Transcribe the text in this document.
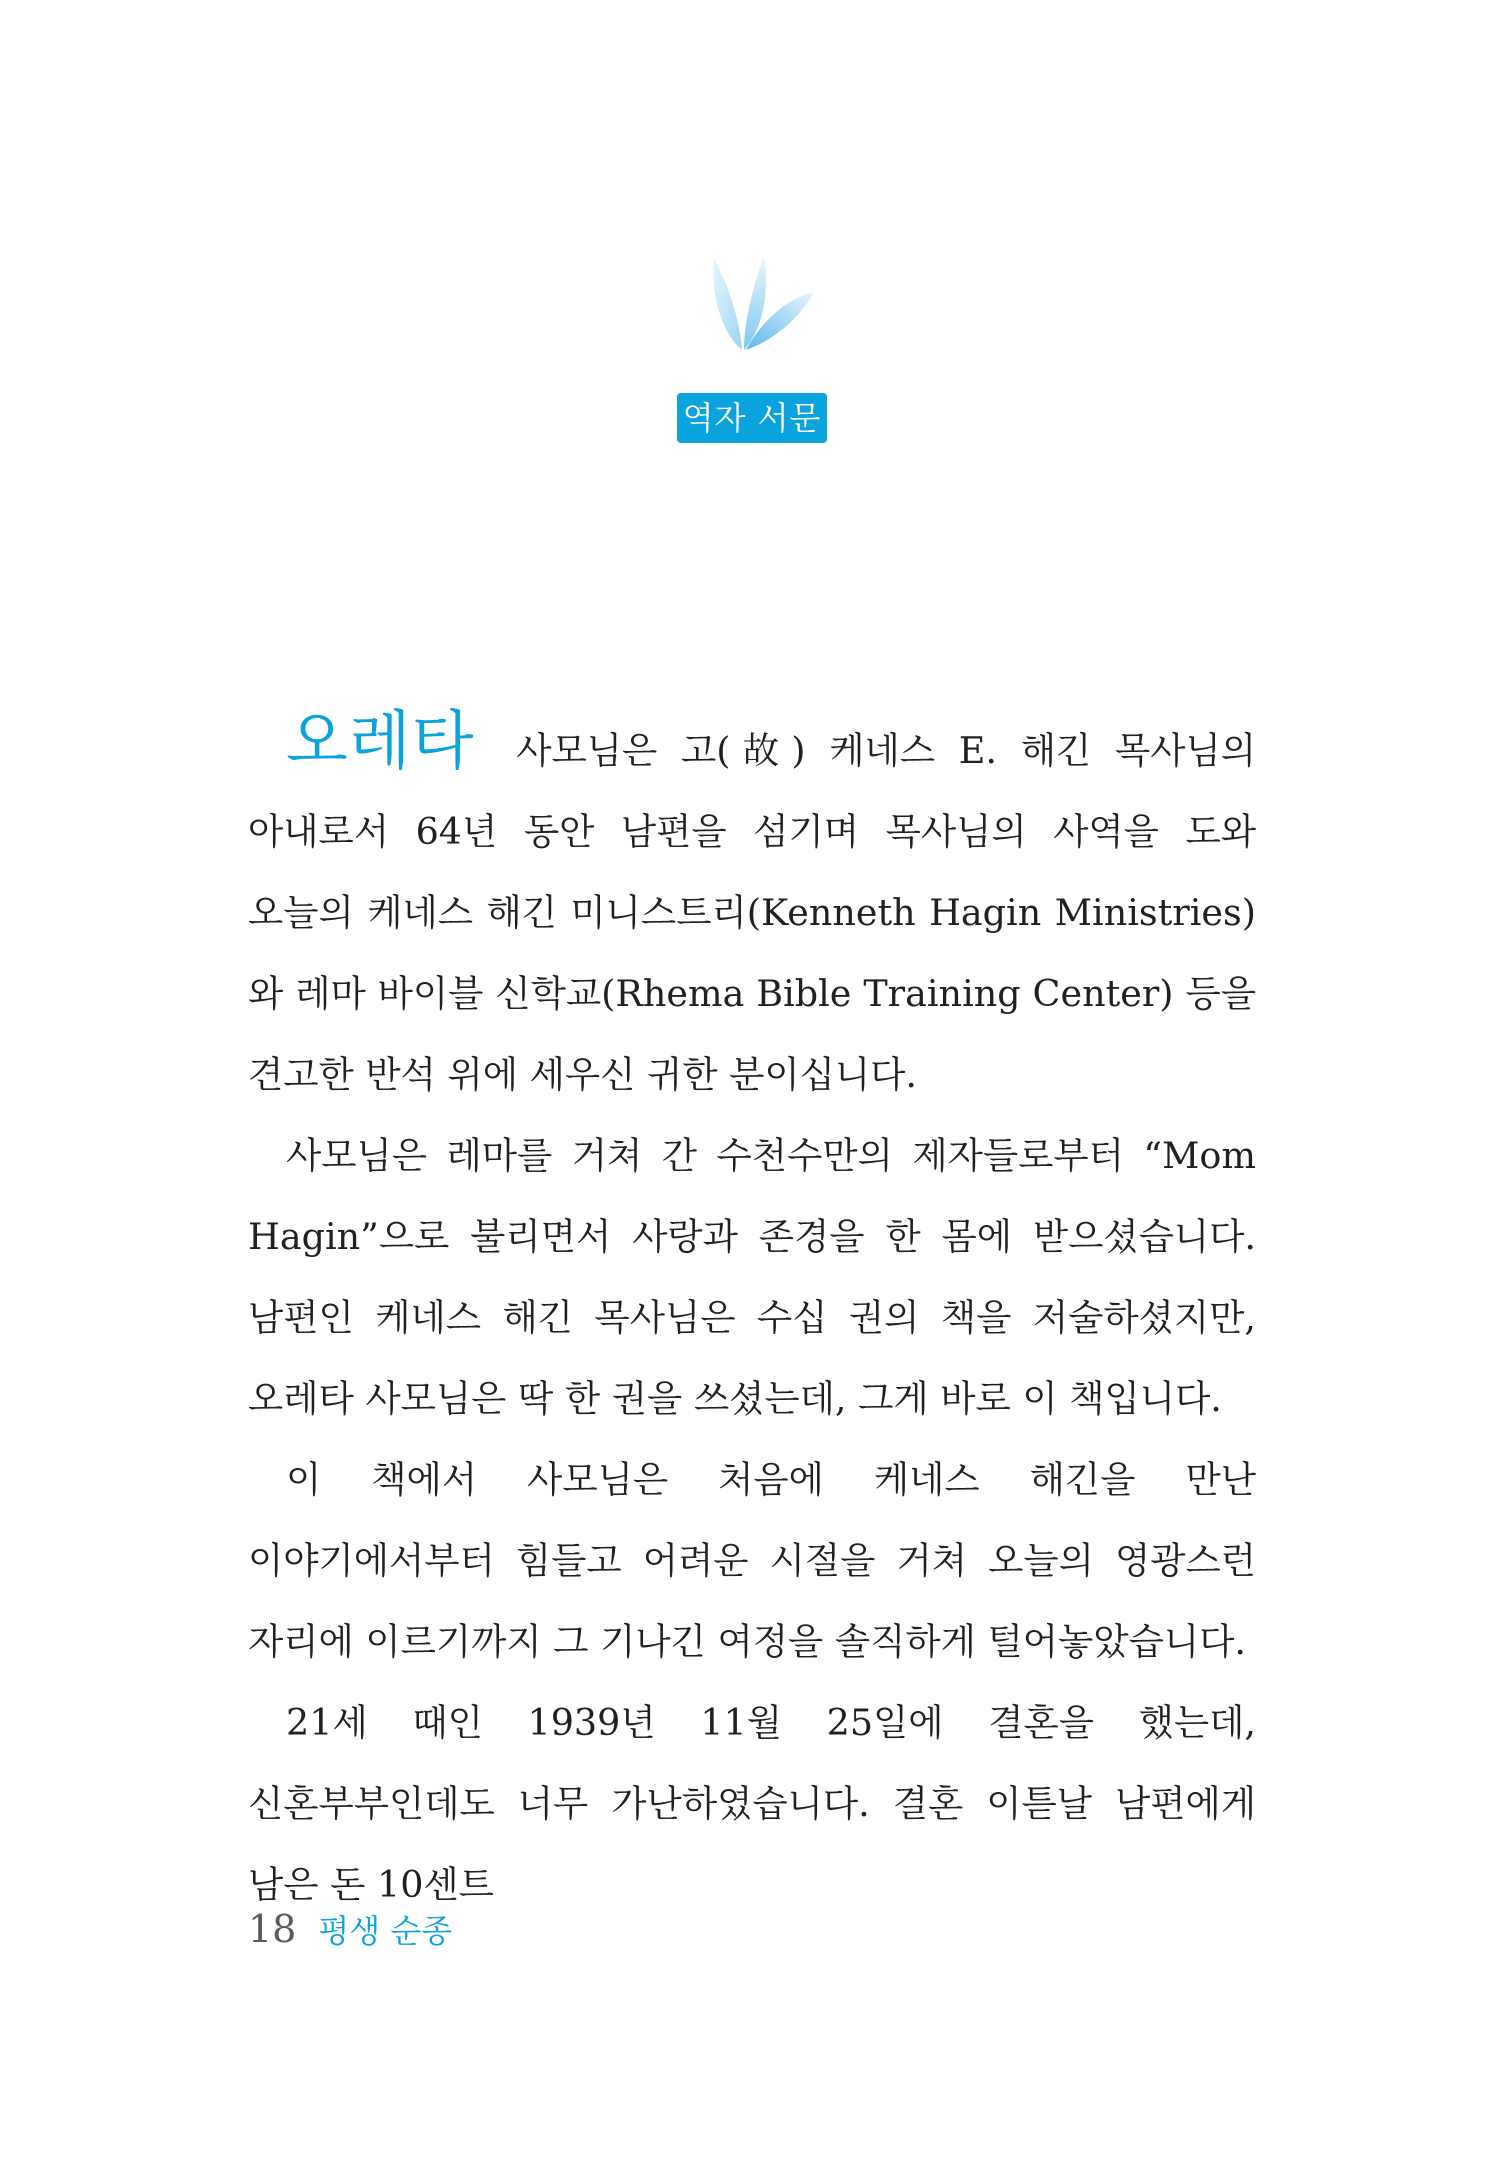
역자 서문

오레타 사모님은 고(故) 케네스 E. 해긴 목사님의 아내로서 64년 동안 남편을 섬기며 목사님의 사역을 도와 오늘의 케네스 해긴 미니스트리(Kenneth Hagin Ministries)와 레마 바이블 신학교(Rhema Bible Training Center) 등을 견고한 반석 위에 세우신 귀한 분이십니다.

사모님은 레마를 거쳐 간 수천수만의 제자들로부터 “Mom Hagin”으로 불리면서 사랑과 존경을 한 몸에 받으셨습니다. 남편인 케네스 해긴 목사님은 수십 권의 책을 저술하셨지만, 오레타 사모님은 딱 한 권을 쓰셨는데, 그게 바로 이 책입니다.

이 책에서 사모님은 처음에 케네스 해긴을 만난 이야기에서부터 힘들고 어려운 시절을 거쳐 오늘의 영광스런 자리에 이르기까지 그 기나긴 여정을 솔직하게 털어놓았습니다.

21세 때인 1939년 11월 25일에 결혼을 했는데, 신혼부부인데도 너무 가난하였습니다. 결혼 이튿날 남편에게 남은 돈 10센트

18 평생 순종
